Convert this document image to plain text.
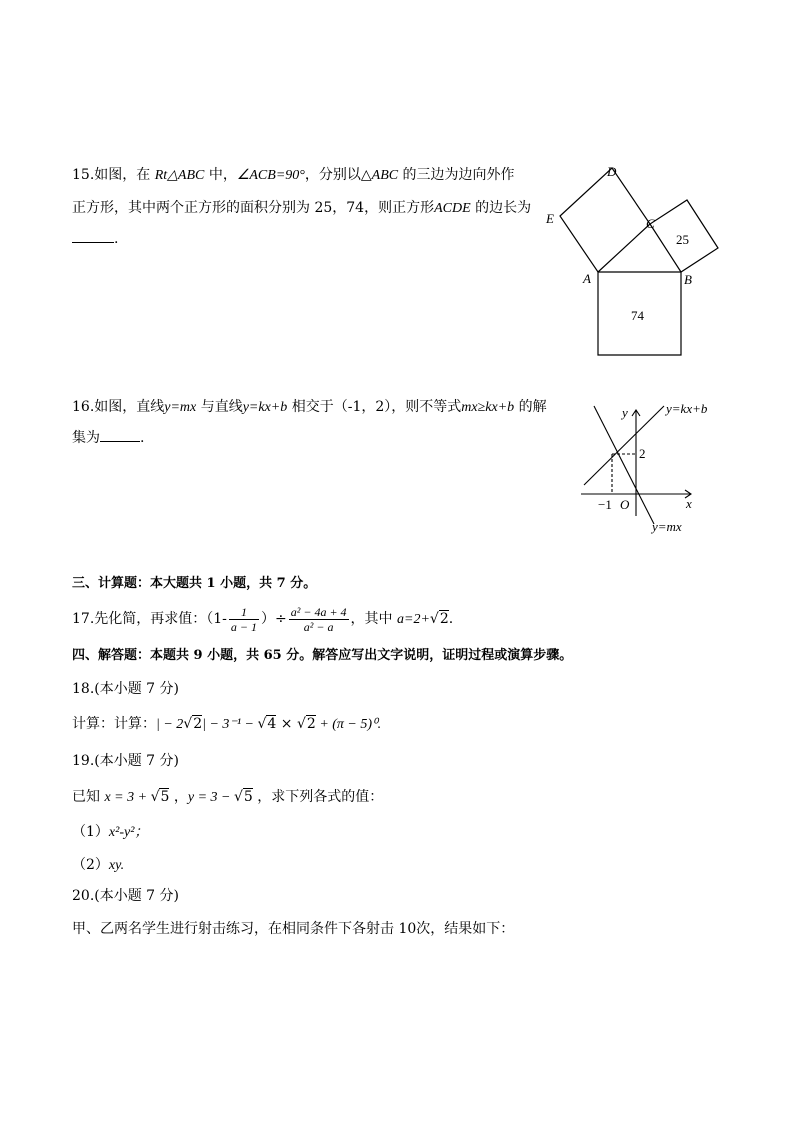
15.如图，在 Rt△ABC 中，∠ACB=90°，分别以△ABC 的三边为边向外作
正方形，其中两个正方形的面积分别为 25，74，则正方形ACDE 的边长为
.
D
E	C
A	B
25
74
16.如图，直线y=mx 与直线y=kx+b 相交于（-1，2），则不等式mx≥kx+b 的解
集为	.
y
x
y=kx+b
y=mx
2
−1 O
三、计算题：本大题共 1 小题，共 7 分。
17.先化简，再求值：（$1- \frac{1}{a - 1}$ ）÷ $\frac{\text{a² − 4a + 4}}{\text{a² − a}}$ ，其中 a=2+√2.
四、解答题：本题共 9 小题，共 65 分。解答应写出文字说明，证明过程或演算步骤。
18.(本小题 7 分)
计算：计算：| − 2√2| − 3⁻¹ − √4 × √2 + (π − 5)⁰.
19.(本小题 7 分)
已知 x = 3 + √5 ，y = 3 − √5 ，求下列各式的值：
（1）x²-y²；
（2）xy.
20.(本小题 7 分)
甲、乙两名学生进行射击练习，在相同条件下各射击 10次，结果如下：
